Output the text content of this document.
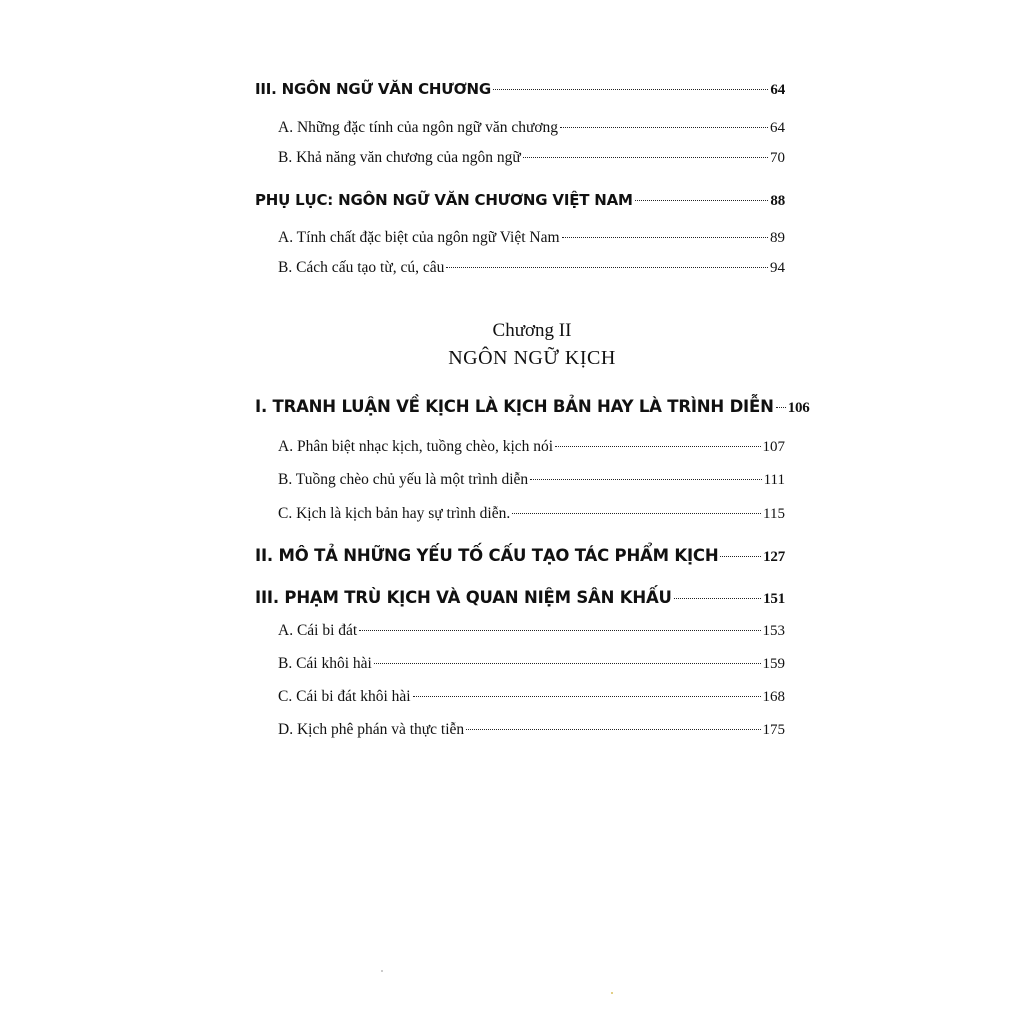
III. NGÔN NGỮ VĂN CHƯƠNG	64
A. Những đặc tính của ngôn ngữ văn chương	64
B. Khả năng văn chương của ngôn ngữ	70
PHỤ LỤC: NGÔN NGỮ VĂN CHƯƠNG VIỆT NAM	88
A. Tính chất đặc biệt của ngôn ngữ Việt Nam	89
B. Cách cấu tạo từ, cú, câu	94
Chương II
NGÔN NGỮ KỊCH
I. TRANH LUẬN VỀ KỊCH LÀ KỊCH BẢN HAY LÀ TRÌNH DIỄN 106
A. Phân biệt nhạc kịch, tuồng chèo, kịch nói	107
B. Tuồng chèo chủ yếu là một trình diễn	111
C. Kịch là kịch bản hay sự trình diễn.	115
II. MÔ TẢ NHỮNG YẾU TỐ CẤU TẠO TÁC PHẨM KỊCH	127
III. PHẠM TRÙ KỊCH VÀ QUAN NIỆM SÂN KHẤU	151
A. Cái bi đát	153
B. Cái khôi hài	159
C. Cái bi đát khôi hài	168
D. Kịch phê phán và thực tiễn	175
